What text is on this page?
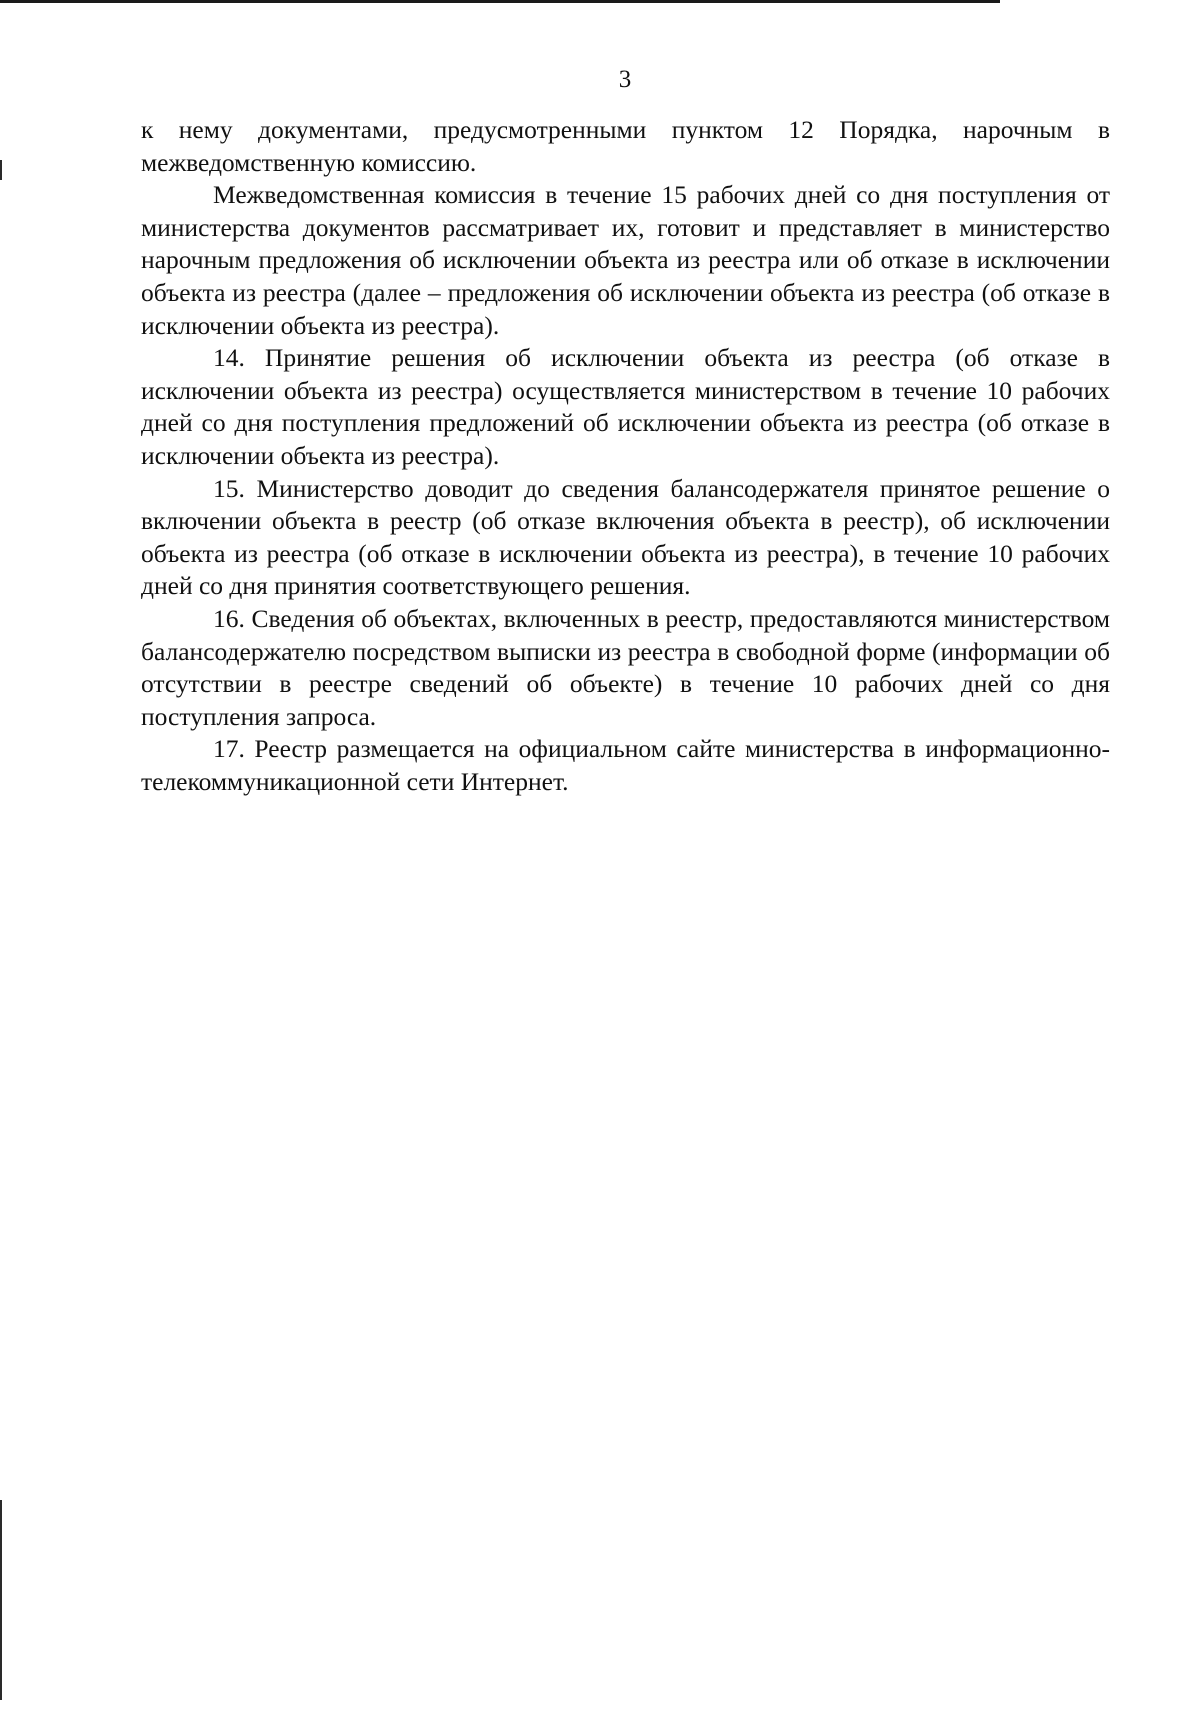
3

к нему документами, предусмотренными пунктом 12 Порядка, нарочным в межведомственную комиссию.

Межведомственная комиссия в течение 15 рабочих дней со дня поступления от министерства документов рассматривает их, готовит и представляет в министерство нарочным предложения об исключении объекта из реестра или об отказе в исключении объекта из реестра (далее – предложения об исключении объекта из реестра (об отказе в исключении объекта из реестра).

14. Принятие решения об исключении объекта из реестра (об отказе в исключении объекта из реестра) осуществляется министерством в течение 10 рабочих дней со дня поступления предложений об исключении объекта из реестра (об отказе в исключении объекта из реестра).

15. Министерство доводит до сведения балансодержателя принятое решение о включении объекта в реестр (об отказе включения объекта в реестр), об исключении объекта из реестра (об отказе в исключении объекта из реестра), в течение 10 рабочих дней со дня принятия соответствующего решения.

16. Сведения об объектах, включенных в реестр, предоставляются министерством балансодержателю посредством выписки из реестра в свободной форме (информации об отсутствии в реестре сведений об объекте) в течение 10 рабочих дней со дня поступления запроса.

17. Реестр размещается на официальном сайте министерства в информационно-телекоммуникационной сети Интернет.
